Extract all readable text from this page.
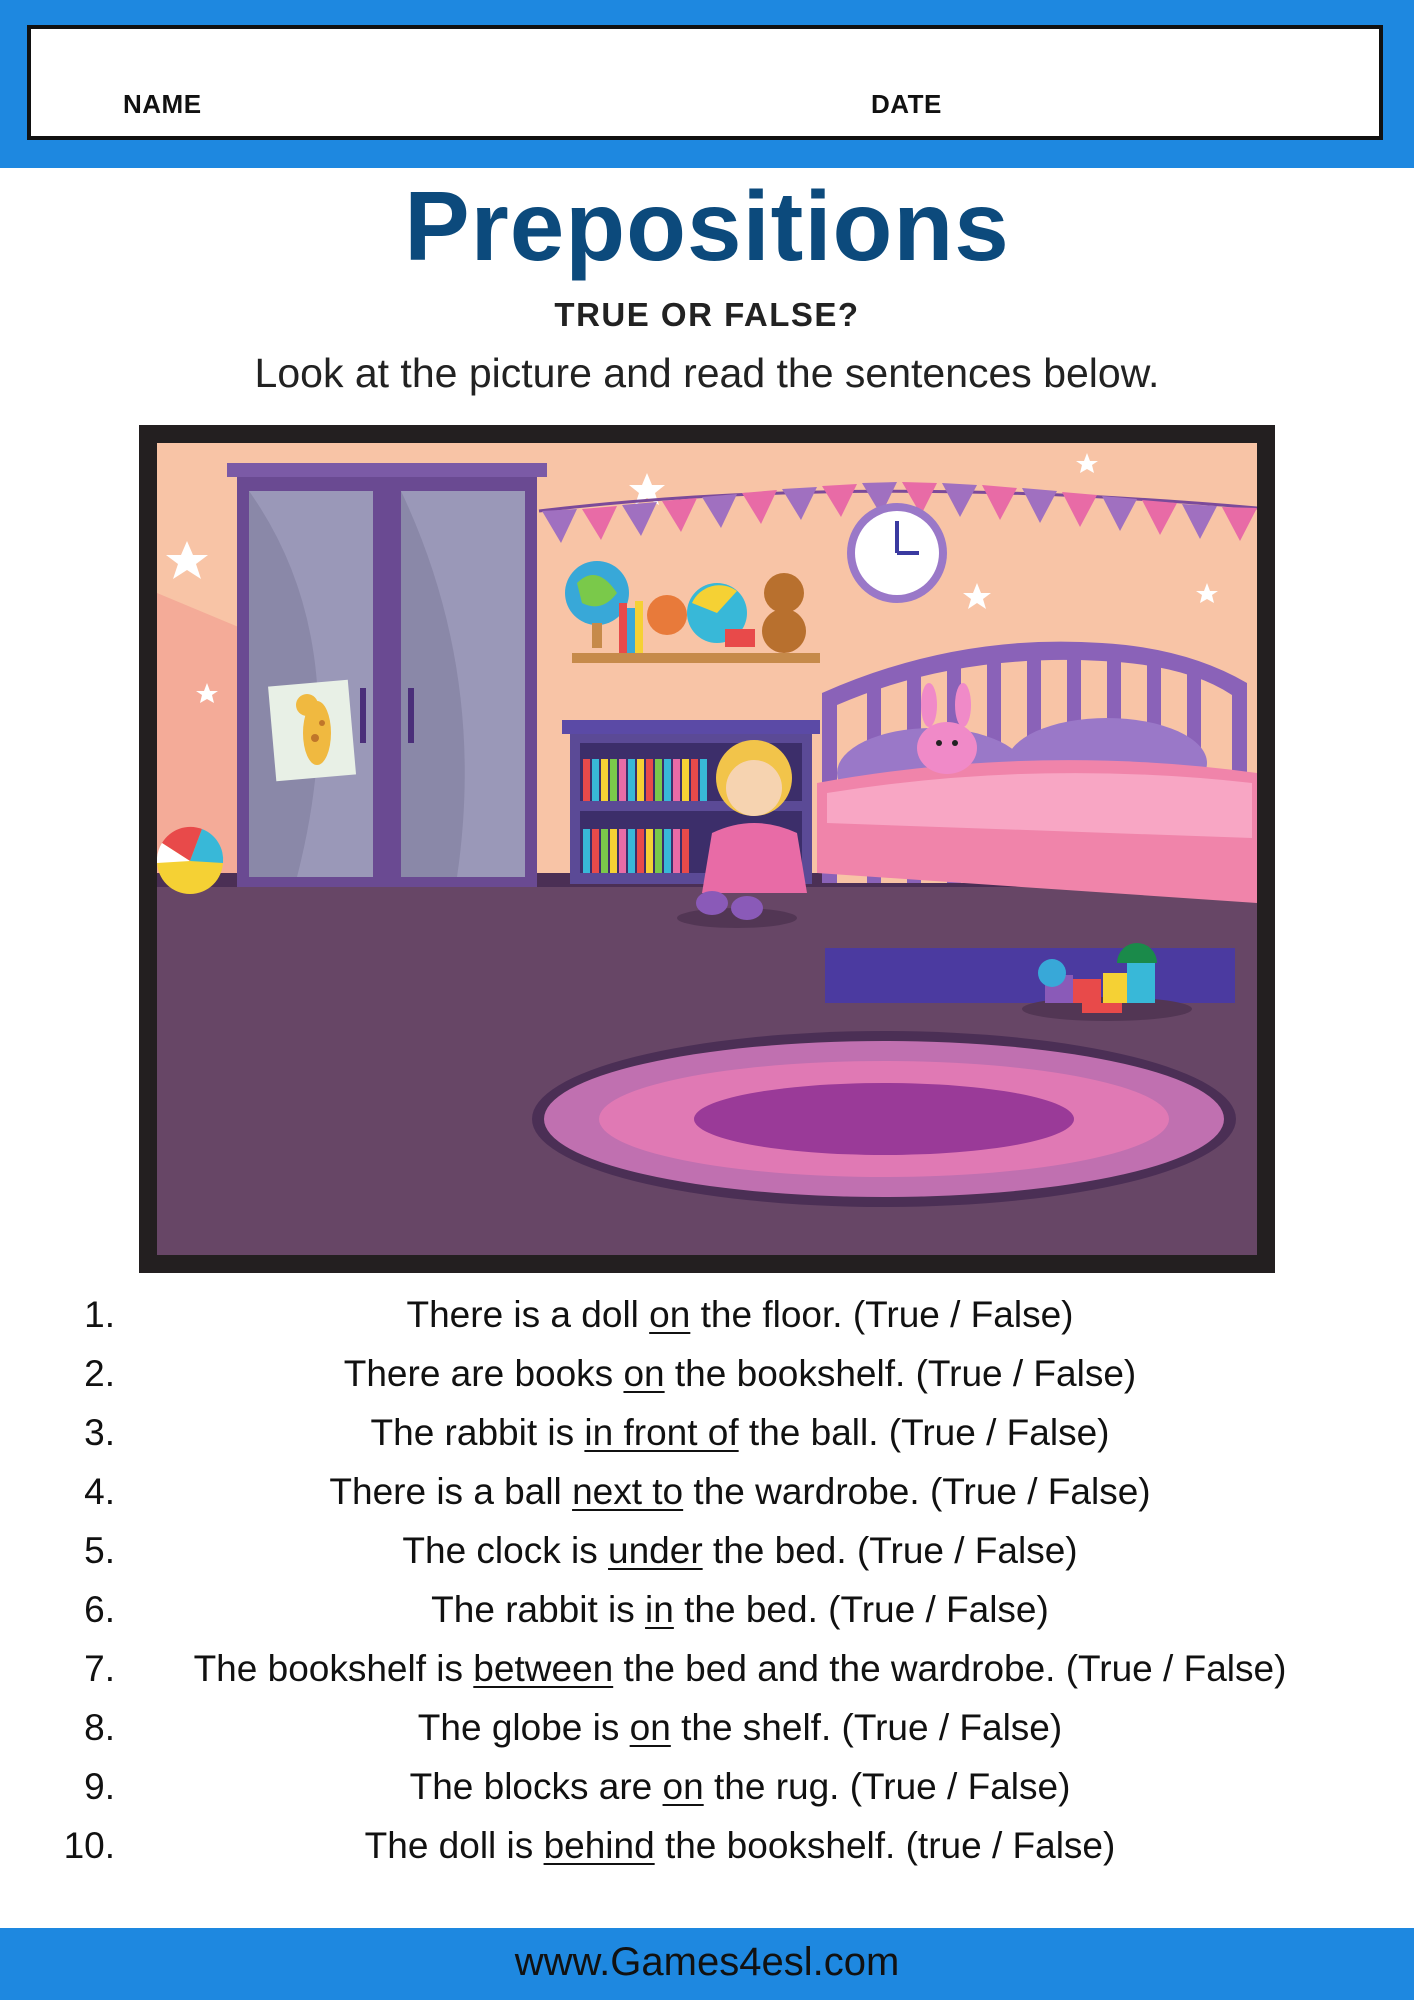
NAME	DATE
Prepositions
TRUE OR FALSE?
Look at the picture and read the sentences below.
1.	There is a doll on the floor. (True / False)
2.	There are books on the bookshelf. (True / False)
3.	The rabbit is in front of the ball. (True / False)
4.	There is a ball next to the wardrobe. (True / False)
5.	The clock is under the bed. (True / False)
6.	The rabbit is in the bed. (True / False)
7.	The bookshelf is between the bed and the wardrobe. (True / False)
8.	The globe is on the shelf. (True / False)
9.	The blocks are on the rug. (True / False)
10.	The doll is behind the bookshelf. (true / False)
www.Games4esl.com
